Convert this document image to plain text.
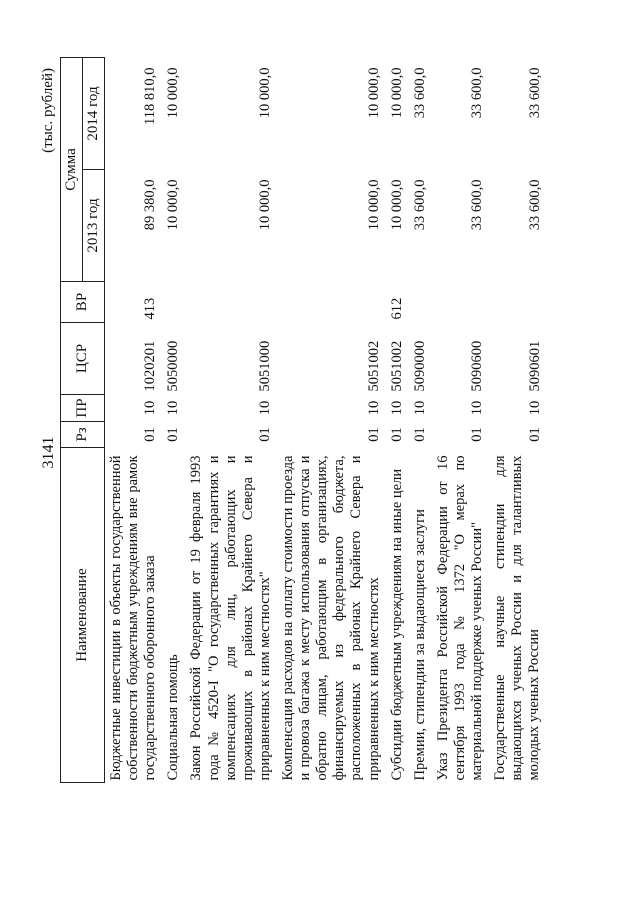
3141
(тыс. рублей)
Наименование	Рз	ПР	ЦСР	ВР	Сумма	
					2013 год	2014 год
Бюджетные инвестиции в объекты государственной собственности бюджетным учреждениям вне рамок государственного оборонного заказа	01	10	1020201	413	89 380,0	118 810,0
Социальная помощь	01	10	5050000		10 000,0	10 000,0
Закон Российской Федерации от 19 февраля 1993 года № 4520-I "О государственных гарантиях и компенсациях для лиц, работающих и проживающих в районах Крайнего Севера и приравненных к ним местностях"	01	10	5051000		10 000,0	10 000,0
Компенсация расходов на оплату стоимости проезда и провоза багажа к месту использования отпуска и обратно лицам, работающим в организациях, финансируемых из федерального бюджета, расположенных в районах Крайнего Севера и приравненных к ним местностях	01	10	5051002		10 000,0	10 000,0
Субсидии бюджетным учреждениям на иные цели	01	10	5051002	612	10 000,0	10 000,0
Премии, стипендии за выдающиеся заслуги	01	10	5090000		33 600,0	33 600,0
Указ Президента Российской Федерации от 16 сентября 1993 года № 1372 "О мерах по материальной поддержке ученых России"	01	10	5090600		33 600,0	33 600,0
Государственные научные стипендии для выдающихся ученых России и для талантливых молодых ученых России	01	10	5090601		33 600,0	33 600,0
